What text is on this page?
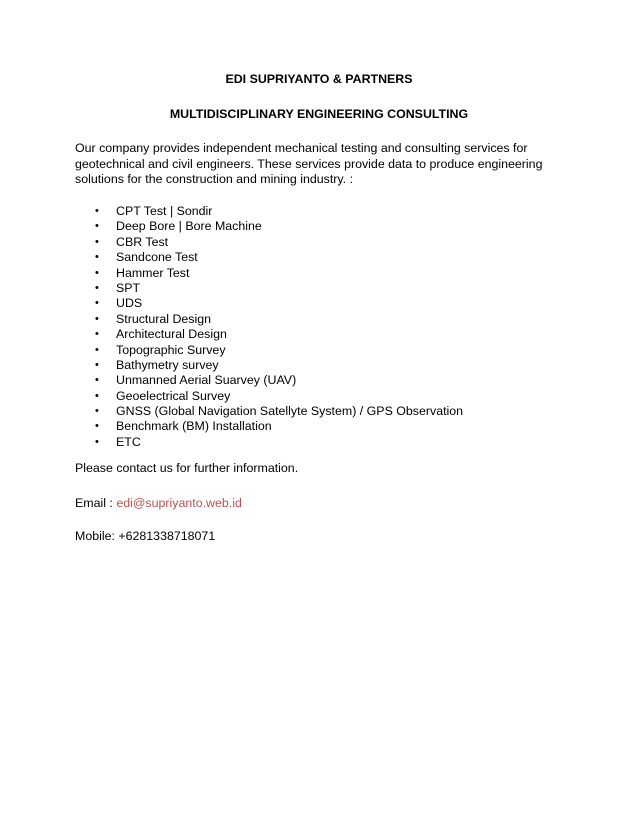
EDI SUPRIYANTO & PARTNERS
MULTIDISCIPLINARY ENGINEERING CONSULTING

Our company provides independent mechanical testing and consulting services for geotechnical and civil engineers. These services provide data to produce engineering solutions for the construction and mining industry. :

•	CPT Test | Sondir
•	Deep Bore | Bore Machine
•	CBR Test
•	Sandcone Test
•	Hammer Test
•	SPT
•	UDS
•	Structural Design
•	Architectural Design
•	Topographic Survey
•	Bathymetry survey
•	Unmanned Aerial Suarvey (UAV)
•	Geoelectrical Survey
•	GNSS (Global Navigation Satellyte System) / GPS Observation
•	Benchmark (BM) Installation
•	ETC

Please contact us for further information.

Email : edi@supriyanto.web.id

Mobile: +6281338718071
